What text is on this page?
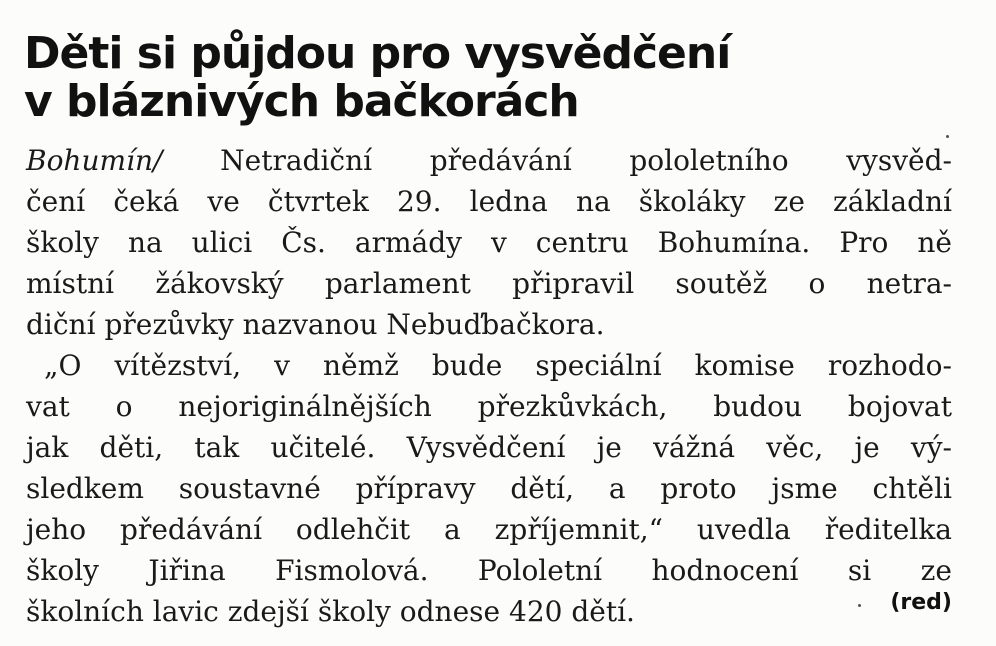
Děti si půjdou pro vysvědčení
v bláznivých bačkorách
Bohumín/ Netradiční předávání pololetního vysvěd-
čení čeká ve čtvrtek 29. ledna na školáky ze základní
školy na ulici Čs. armády v centru Bohumína. Pro ně
místní žákovský parlament připravil soutěž o netra-
diční přezůvky nazvanou Nebuďbačkora.
„O vítězství, v němž bude speciální komise rozhodo-
vat o nejoriginálnějších přezkůvkách, budou bojovat
jak děti, tak učitelé. Vysvědčení je vážná věc, je vý-
sledkem soustavné přípravy dětí, a proto jsme chtěli
jeho předávání odlehčit a zpříjemnit,“ uvedla ředitelka
školy Jiřina Fismolová. Pololetní hodnocení si ze
školních lavic zdejší školy odnese 420 dětí.	(red)
